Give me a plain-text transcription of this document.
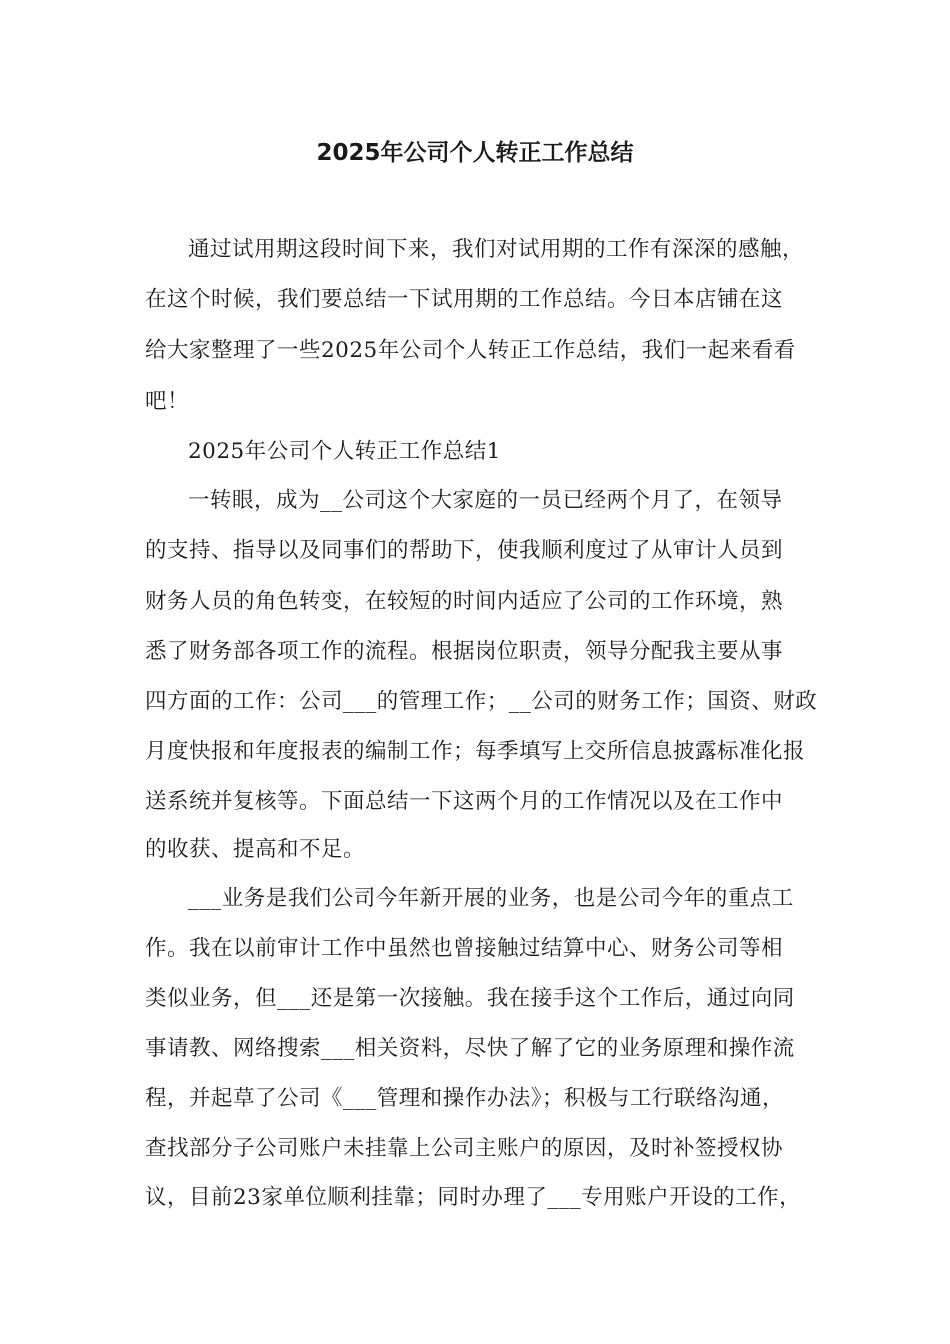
2025年公司个人转正工作总结

通过试用期这段时间下来，我们对试用期的工作有深深的感触，

在这个时候，我们要总结一下试用期的工作总结。今日本店铺在这

给大家整理了一些2025年公司个人转正工作总结，我们一起来看看

吧！

2025年公司个人转正工作总结1

一转眼，成为__公司这个大家庭的一员已经两个月了，在领导

的支持、指导以及同事们的帮助下，使我顺利度过了从审计人员到

财务人员的角色转变，在较短的时间内适应了公司的工作环境，熟

悉了财务部各项工作的流程。根据岗位职责，领导分配我主要从事

四方面的工作：公司___的管理工作；__公司的财务工作；国资、财政

月度快报和年度报表的编制工作；每季填写上交所信息披露标准化报

送系统并复核等。下面总结一下这两个月的工作情况以及在工作中

的收获、提高和不足。

___业务是我们公司今年新开展的业务，也是公司今年的重点工

作。我在以前审计工作中虽然也曾接触过结算中心、财务公司等相

类似业务，但___还是第一次接触。我在接手这个工作后，通过向同

事请教、网络搜索___相关资料，尽快了解了它的业务原理和操作流

程，并起草了公司《___管理和操作办法》；积极与工行联络沟通，

查找部分子公司账户未挂靠上公司主账户的原因，及时补签授权协

议，目前23家单位顺利挂靠；同时办理了___专用账户开设的工作，
